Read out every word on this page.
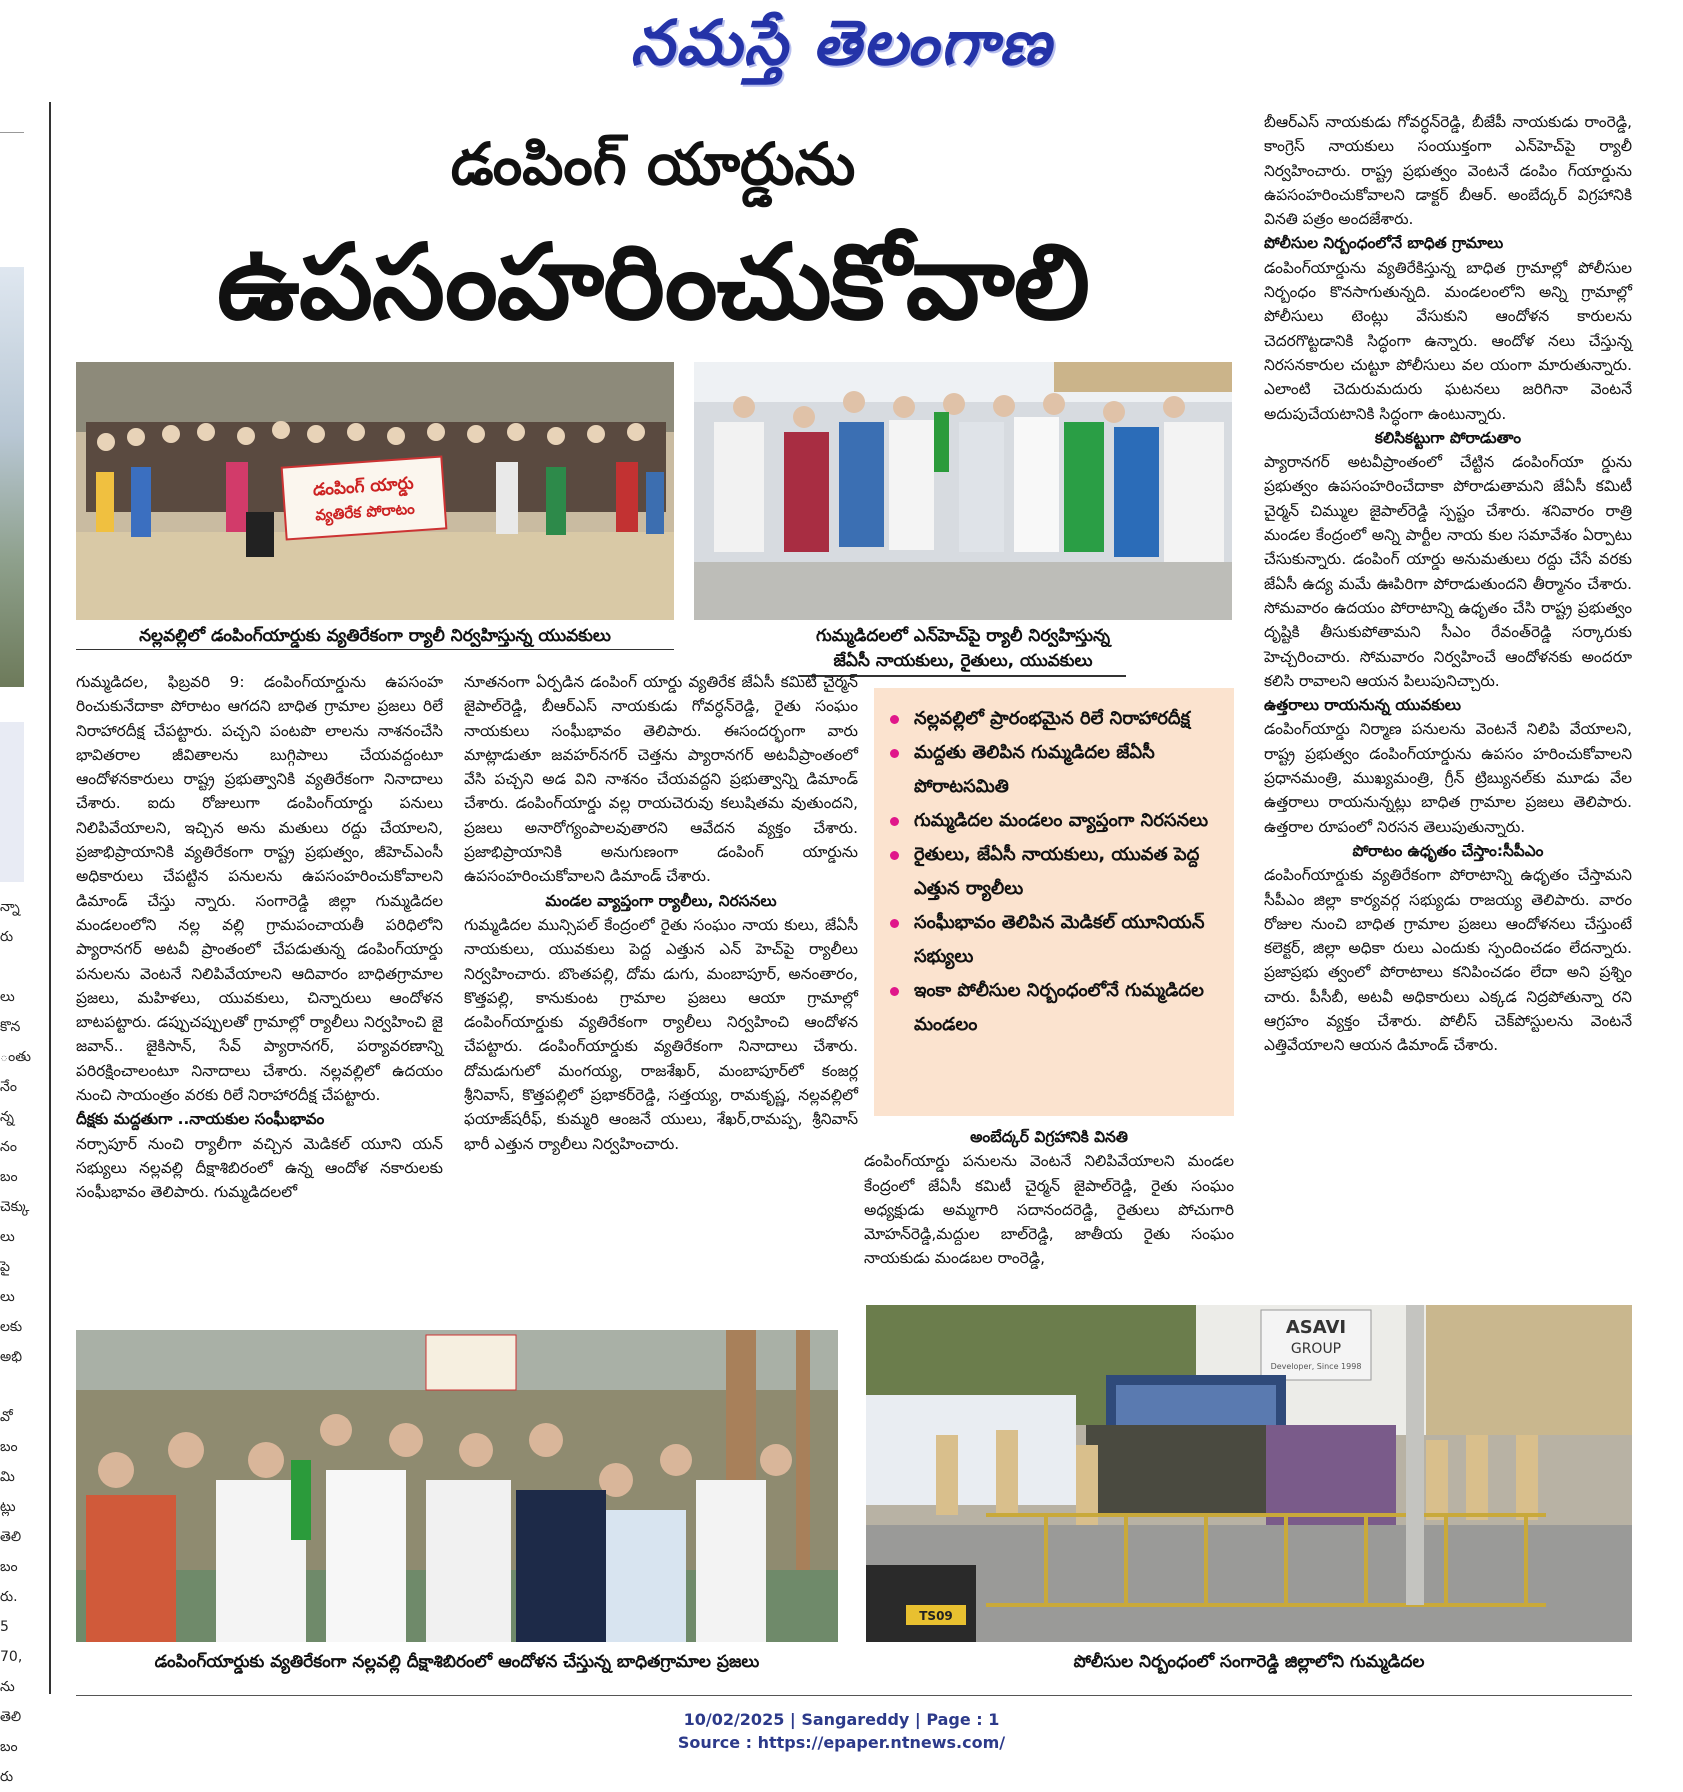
నమస్తే తెలంగాణ
న్నా
రు

లు
కొన
ంతు
నేం
న్న
నం
బం
చెక్కు
లు
పై
లు
లకు
అభి

వో
బం
మి
ట్లు
తెలి
బం
రు.
5
70,
ను
తెలి
బం
రు
డంపింగ్ యార్డును
ఉపసంహరించుకోవాలి
డంపింగ్ యార్డు
వ్యతిరేక పోరాటం
నల్లవల్లిలో డంపింగ్‌యార్డుకు వ్యతిరేకంగా ర్యాలీ నిర్వహిస్తున్న యువకులు	గుమ్మడిదలలో ఎన్‌హెచ్‌పై ర్యాలీ నిర్వహిస్తున్న
జేఏసీ నాయకులు, రైతులు, యువకులు

గుమ్మడిదల, ఫిబ్రవరి 9: డంపింగ్‌యార్డును ఉపసంహ రించుకునేదాకా పోరాటం ఆగదని బాధిత గ్రామాల ప్రజలు రిలే నిరాహారదీక్ష చేపట్టారు. పచ్చని పంటపొ లాలను నాశనంచేసి భావితరాల జీవితాలను బుగ్గిపాలు చేయవద్దంటూ ఆందోళనకారులు రాష్ట్ర ప్రభుత్వానికి వ్యతిరేకంగా నినాదాలు చేశారు. ఐదు రోజులుగా డంపింగ్‌యార్డు పనులు నిలిపివేయాలని, ఇచ్చిన అను మతులు రద్దు చేయాలని, ప్రజాభిప్రాయానికి వ్యతిరేకంగా రాష్ట్ర ప్రభుత్వం, జీహెచ్‌ఎంసీ అధికారులు చేపట్టిన పనులను ఉపసంహరించుకోవాలని డిమాండ్ చేస్తు న్నారు. సంగారెడ్డి జిల్లా గుమ్మడిదల మండలంలోని నల్ల వల్లి గ్రామపంచాయతీ పరిధిలోని ప్యారానగర్ అటవీ ప్రాంతంలో చేపడుతున్న డంపింగ్‌యార్డు పనులను వెంటనే నిలిపివేయాలని ఆదివారం బాధితగ్రామాల ప్రజలు, మహిళలు, యువకులు, చిన్నారులు ఆందోళన బాటపట్టారు. డప్పుచప్పులతో గ్రామాల్లో ర్యాలీలు నిర్వహించి జై జవాన్.. జైకిసాన్, సేవ్ ప్యారానగర్, పర్యావరణాన్ని పరిరక్షించాలంటూ నినాదాలు చేశారు. నల్లవల్లిలో ఉదయం నుంచి సాయంత్రం వరకు రిలే నిరాహారదీక్ష చేపట్టారు.

దీక్షకు మద్దతుగా ..నాయకుల సంఘీభావం

నర్సాపూర్ నుంచి ర్యాలీగా వచ్చిన మెడికల్ యూని యన్ సభ్యులు నల్లవల్లి దీక్షాశిబిరంలో ఉన్న ఆందోళ నకారులకు సంఘీభావం తెలిపారు. గుమ్మడిదలలో

నూతనంగా ఏర్పడిన డంపింగ్ యార్డు వ్యతిరేక జేఏసీ కమిటీ చైర్మన్ జైపాల్‌రెడ్డి, బీఆర్‌ఎస్ నాయకుడు గోవర్ధన్‌రెడ్డి, రైతు సంఘం నాయకులు సంఘీభావం తెలిపారు. ఈసందర్భంగా వారు మాట్లాడుతూ జవహర్‌నగర్ చెత్తను ప్యారానగర్ అటవీప్రాంతంలో వేసి పచ్చని అడ విని నాశనం చేయవద్దని ప్రభుత్వాన్ని డిమాండ్ చేశారు. డంపింగ్‌యార్డు వల్ల రాయచెరువు కలుషితమ వుతుందని, ప్రజలు అనారోగ్యంపాలవుతారని ఆవేదన వ్యక్తం చేశారు. ప్రజాభిప్రాయానికి అనుగుణంగా డంపింగ్ యార్డును ఉపసంహరించుకోవాలని డిమాండ్ చేశారు.

మండల వ్యాప్తంగా ర్యాలీలు, నిరసనలు

గుమ్మడిదల మున్సిపల్ కేంద్రంలో రైతు సంఘం నాయ కులు, జేఏసీ నాయకులు, యువకులు పెద్ద ఎత్తున ఎన్ హెచ్‌పై ర్యాలీలు నిర్వహించారు. బొంతపల్లి, దోమ డుగు, మంబాపూర్, అనంతారం, కొత్తపల్లి, కానుకుంట గ్రామాల ప్రజలు ఆయా గ్రామాల్లో డంపింగ్‌యార్డుకు వ్యతిరేకంగా ర్యాలీలు నిర్వహించి ఆందోళన చేపట్టారు. డంపింగ్‌యార్డుకు వ్యతిరేకంగా నినాదాలు చేశారు. దోమడుగులో మంగయ్య, రాజశేఖర్, మంబాపూర్‌లో కంజర్ల శ్రీనివాస్, కొత్తపల్లిలో ప్రభాకర్‌రెడ్డి, సత్తయ్య, రామకృష్ణ, నల్లవల్లిలో ఫయాజ్‌షరీఫ్, కుమ్మరి ఆంజనే యులు, శేఖర్,రామప్ప, శ్రీనివాస్ భారీ ఎత్తున ర్యాలీలు నిర్వహించారు.

నల్లవల్లిలో ప్రారంభమైన రిలే నిరాహారదీక్ష
మద్దతు తెలిపిన గుమ్మడిదల జేఏసీ పోరాటసమితి
గుమ్మడిదల మండలం వ్యాప్తంగా నిరసనలు
రైతులు, జేఏసీ నాయకులు, యువత పెద్ద ఎత్తున ర్యాలీలు
సంఘీభావం తెలిపిన మెడికల్ యూనియన్ సభ్యులు
ఇంకా పోలీసుల నిర్బంధంలోనే గుమ్మడిదల మండలం
అంబేద్కర్ విగ్రహానికి వినతి

డంపింగ్‌యార్డు పనులను వెంటనే నిలిపివేయాలని మండల కేంద్రంలో జేఏసీ కమిటీ చైర్మన్ జైపాల్‌రెడ్డి, రైతు సంఘం అధ్యక్షుడు అమ్మగారి సదానందరెడ్డి, రైతులు పోచుగారి మోహన్‌రెడ్డి,మద్దుల బాల్‌రెడ్డి, జాతీయ రైతు సంఘం నాయకుడు మండబల రాంరెడ్డి,

బీఆర్‌ఎస్ నాయకుడు గోవర్ధన్‌రెడ్డి, బీజేపీ నాయకుడు రాంరెడ్డి, కాంగ్రెస్ నాయకులు సంయుక్తంగా ఎన్‌హెచ్‌పై ర్యాలీ నిర్వహించారు. రాష్ట్ర ప్రభుత్వం వెంటనే డంపిం గ్‌యార్డును ఉపసంహరించుకోవాలని డాక్టర్ బీఆర్. అంబేద్కర్ విగ్రహానికి వినతి పత్రం అందజేశారు.

పోలీసుల నిర్బంధంలోనే బాధిత గ్రామాలు

డంపింగ్‌యార్డును వ్యతిరేకిస్తున్న బాధిత గ్రామాల్లో పోలీసుల నిర్బంధం కొనసాగుతున్నది. మండలంలోని అన్ని గ్రామాల్లో పోలీసులు టెంట్లు వేసుకుని ఆందోళన కారులను చెదరగొట్టడానికి సిద్ధంగా ఉన్నారు. ఆందోళ నలు చేస్తున్న నిరసనకారుల చుట్టూ పోలీసులు వల యంగా మారుతున్నారు. ఎలాంటి చెదురుమదురు ఘటనలు జరిగినా వెంటనే అదుపుచేయటానికి సిద్ధంగా ఉంటున్నారు.

కలిసికట్టుగా పోరాడుతాం

ప్యారానగర్ అటవీప్రాంతంలో చేట్టిన డంపింగ్‌యా ర్డును ప్రభుత్వం ఉపసంహరించేదాకా పోరాడుతామని జేఏసీ కమిటీ చైర్మన్ చిమ్ముల జైపాల్‌రెడ్డి స్పష్టం చేశారు. శనివారం రాత్రి మండల కేంద్రంలో అన్ని పార్టీల నాయ కుల సమావేశం ఏర్పాటు చేసుకున్నారు. డంపింగ్ యార్డు అనుమతులు రద్దు చేసే వరకు జేఏసీ ఉద్య మమే ఊపిరిగా పోరాడుతుందని తీర్మానం చేశారు. సోమవారం ఉదయం పోరాటాన్ని ఉధృతం చేసి రాష్ట్ర ప్రభుత్వం దృష్టికి తీసుకుపోతామని సీఎం రేవంత్‌రెడ్డి సర్కారుకు హెచ్చరించారు. సోమవారం నిర్వహించే ఆందోళనకు అందరూ కలిసి రావాలని ఆయన పిలుపునిచ్చారు.

ఉత్తరాలు రాయనున్న యువకులు

డంపింగ్‌యార్డు నిర్మాణ పనులను వెంటనే నిలిపి వేయాలని, రాష్ట్ర ప్రభుత్వం డంపింగ్‌యార్డును ఉపసం హరించుకోవాలని ప్రధానమంత్రి, ముఖ్యమంత్రి, గ్రీన్ ట్రిబ్యునల్‌కు మూడు వేల ఉత్తరాలు రాయనున్నట్లు బాధిత గ్రామాల ప్రజలు తెలిపారు. ఉత్తరాల రూపంలో నిరసన తెలుపుతున్నారు.

పోరాటం ఉధృతం చేస్తాం:సీపీఎం

డంపింగ్‌యార్డుకు వ్యతిరేకంగా పోరాటాన్ని ఉధృతం చేస్తామని సీపీఎం జిల్లా కార్యవర్గ సభ్యుడు రాజయ్య తెలిపారు. వారం రోజుల నుంచి బాధిత గ్రామాల ప్రజలు ఆందోళనలు చేస్తుంటే కలెక్టర్, జిల్లా అధికా రులు ఎందుకు స్పందించడం లేదన్నారు. ప్రజాప్రభు త్వంలో పోరాటాలు కనిపించడం లేదా అని ప్రశ్నిం చారు. పీసీబీ, అటవీ అధికారులు ఎక్కడ నిద్రపోతున్నా రని ఆగ్రహం వ్యక్తం చేశారు. పోలీస్ చెక్‌పోస్టులను వెంటనే ఎత్తివేయాలని ఆయన డిమాండ్ చేశారు.

డంపింగ్‌యార్డుకు వ్యతిరేకంగా నల్లవల్లి దీక్షాశిబిరంలో ఆందోళన చేస్తున్న బాధితగ్రామాల ప్రజలు
ASAVI
GROUP
Developer, Since 1998
TS09
పోలీసుల నిర్బంధంలో సంగారెడ్డి జిల్లాలోని గుమ్మడిదల
10/02/2025 | Sangareddy | Page : 1
Source : https://epaper.ntnews.com/
